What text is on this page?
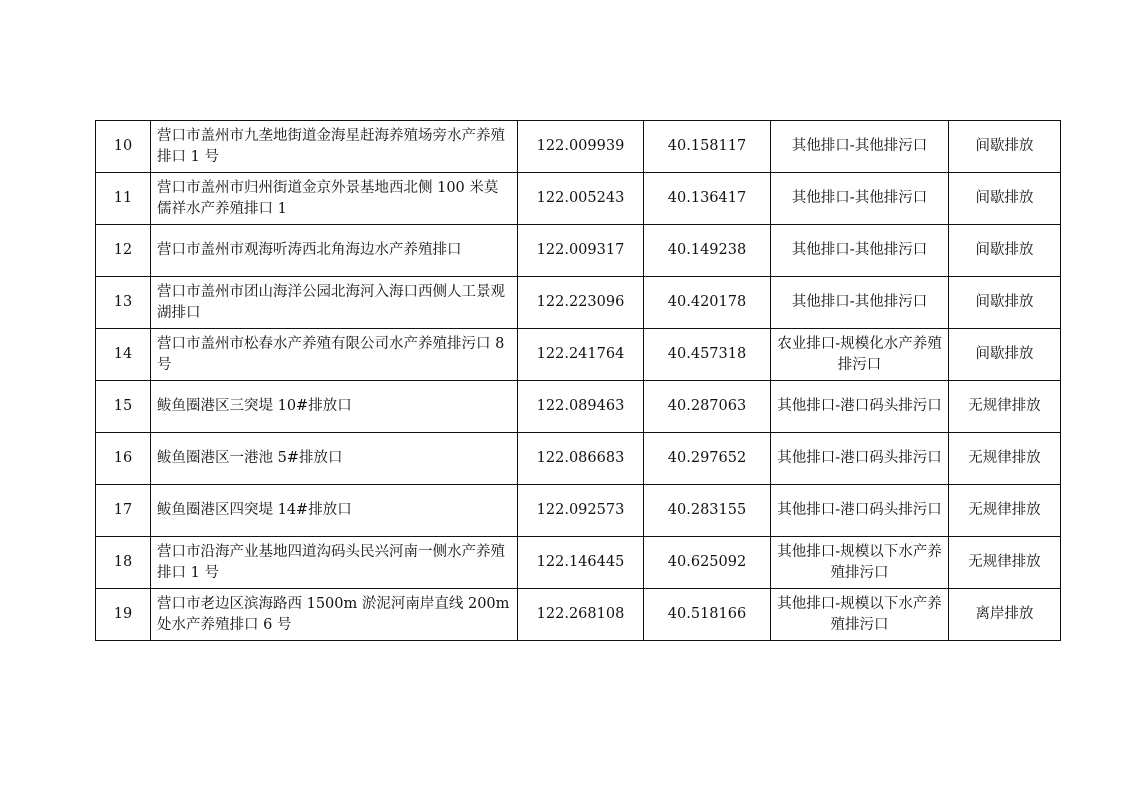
10	营口市盖州市九垄地街道金海星赶海养殖场旁水产养殖排口 1 号	122.009939	40.158117	其他排口-其他排污口	间歇排放
11	营口市盖州市归州街道金京外景基地西北侧 100 米莫儒祥水产养殖排口 1	122.005243	40.136417	其他排口-其他排污口	间歇排放
12	营口市盖州市观海听涛西北角海边水产养殖排口	122.009317	40.149238	其他排口-其他排污口	间歇排放
13	营口市盖州市团山海洋公园北海河入海口西侧人工景观湖排口	122.223096	40.420178	其他排口-其他排污口	间歇排放
14	营口市盖州市松春水产养殖有限公司水产养殖排污口 8 号	122.241764	40.457318	农业排口-规模化水产养殖排污口	间歇排放
15	鲅鱼圈港区三突堤 10#排放口	122.089463	40.287063	其他排口-港口码头排污口	无规律排放
16	鲅鱼圈港区一港池 5#排放口	122.086683	40.297652	其他排口-港口码头排污口	无规律排放
17	鲅鱼圈港区四突堤 14#排放口	122.092573	40.283155	其他排口-港口码头排污口	无规律排放
18	营口市沿海产业基地四道沟码头民兴河南一侧水产养殖排口 1 号	122.146445	40.625092	其他排口-规模以下水产养殖排污口	无规律排放
19	营口市老边区滨海路西 1500m 淤泥河南岸直线 200m 处水产养殖排口 6 号	122.268108	40.518166	其他排口-规模以下水产养殖排污口	离岸排放
